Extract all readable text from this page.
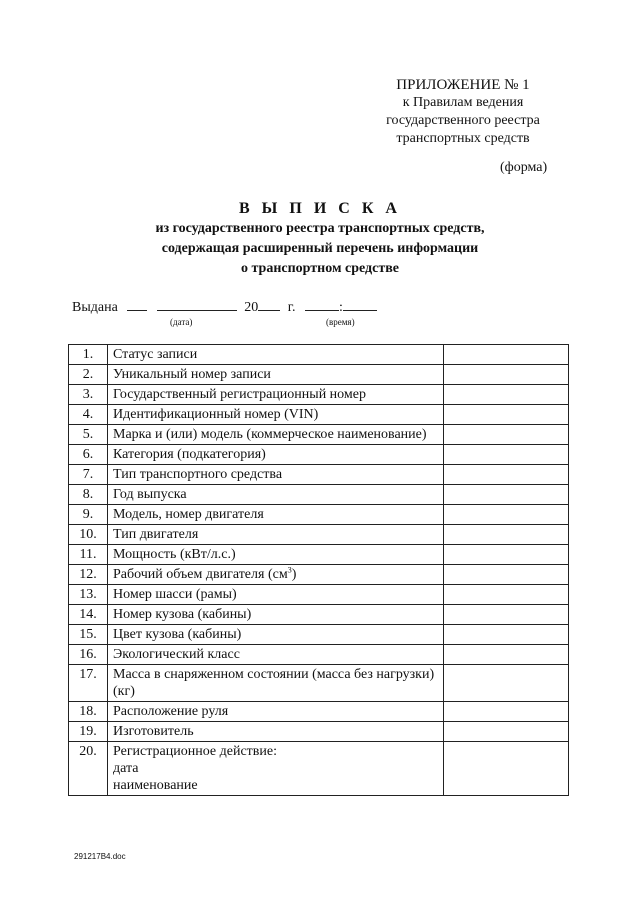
ПРИЛОЖЕНИЕ № 1
к Правилам ведения
государственного реестра
транспортных средств
(форма)

В Ы П И С К А

из государственного реестра транспортных средств,

содержащая расширенный перечень информации

о транспортном средстве

Выдана	20 г.	:
(дата)	(время)
1.	Статус записи	
2.	Уникальный номер записи	
3.	Государственный регистрационный номер	
4.	Идентификационный номер (VIN)	
5.	Марка и (или) модель (коммерческое наименование)	
6.	Категория (подкатегория)	
7.	Тип транспортного средства	
8.	Год выпуска	
9.	Модель, номер двигателя	
10.	Тип двигателя	
11.	Мощность (кВт/л.с.)	
12.	Рабочий объем двигателя $(см^3)$	
13.	Номер шасси (рамы)	
14.	Номер кузова (кабины)	
15.	Цвет кузова (кабины)	
16.	Экологический класс	
17.	Масса в снаряженном состоянии (масса без нагрузки) (кг)	
18.	Расположение руля	
19.	Изготовитель	
20.	Регистрационное действие:
дата
наименование	

291217В4.doc
